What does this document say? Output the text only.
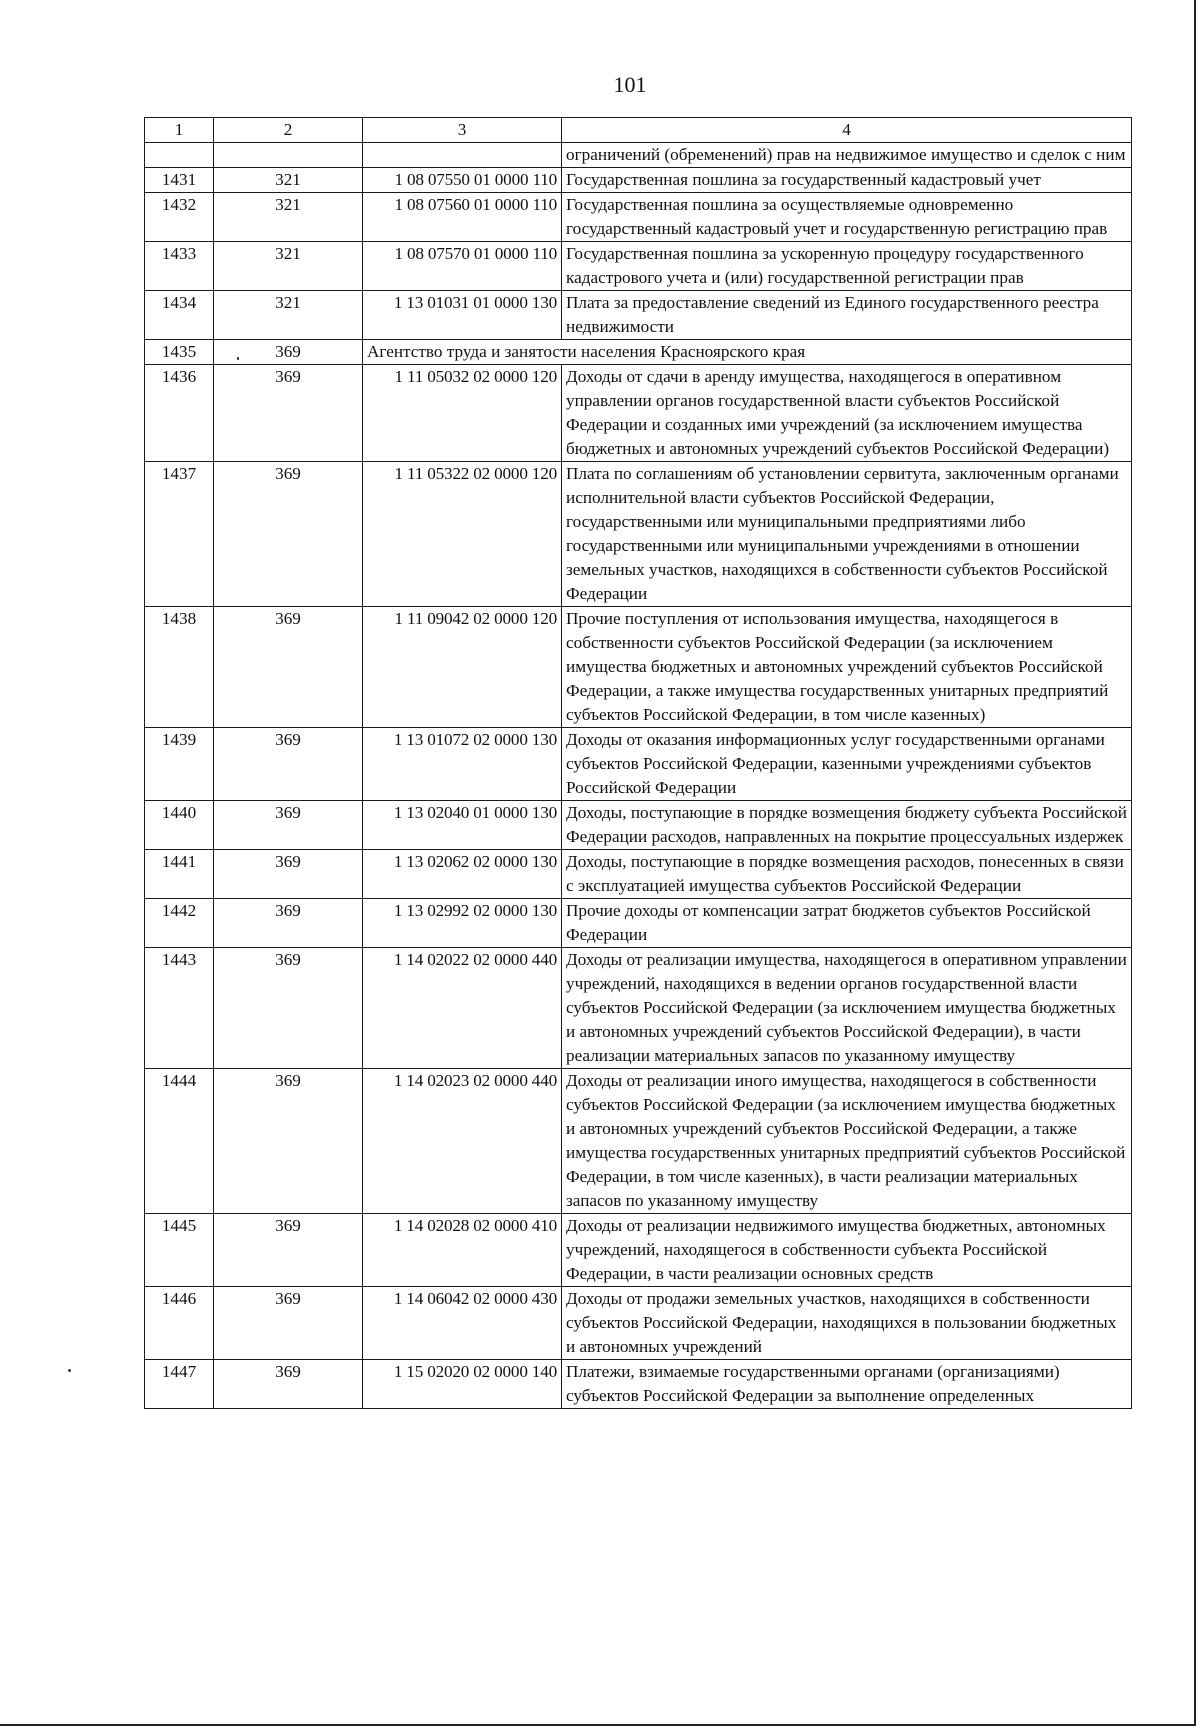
101
1	2	3	4
			ограничений (обременений) прав на недвижимое имущество и сделок с ним
1431	321	1 08 07550 01 0000 110	Государственная пошлина за государственный кадастровый учет
1432	321	1 08 07560 01 0000 110	Государственная пошлина за осуществляемые одновременно государственный кадастровый учет и государственную регистрацию прав
1433	321	1 08 07570 01 0000 110	Государственная пошлина за ускоренную процедуру государственного кадастрового учета и (или) государственной регистрации прав
1434	321	1 13 01031 01 0000 130	Плата за предоставление сведений из Единого государственного реестра недвижимости
1435	369	Агентство труда и занятости населения Красноярского края	
1436	369	1 11 05032 02 0000 120	Доходы от сдачи в аренду имущества, находящегося в оперативном управлении органов государственной власти субъектов Российской Федерации и созданных ими учреждений (за исключением имущества бюджетных и автономных учреждений субъектов Российской Федерации)
1437	369	1 11 05322 02 0000 120	Плата по соглашениям об установлении сервитута, заключенным органами исполнительной власти субъектов Российской Федерации, государственными или муниципальными предприятиями либо государственными или муниципальными учреждениями в отношении земельных участков, находящихся в собственности субъектов Российской Федерации
1438	369	1 11 09042 02 0000 120	Прочие поступления от использования имущества, находящегося в собственности субъектов Российской Федерации (за исключением имущества бюджетных и автономных учреждений субъектов Российской Федерации, а также имущества государственных унитарных предприятий субъектов Российской Федерации, в том числе казенных)
1439	369	1 13 01072 02 0000 130	Доходы от оказания информационных услуг государственными органами субъектов Российской Федерации, казенными учреждениями субъектов Российской Федерации
1440	369	1 13 02040 01 0000 130	Доходы, поступающие в порядке возмещения бюджету субъекта Российской Федерации расходов, направленных на покрытие процессуальных издержек
1441	369	1 13 02062 02 0000 130	Доходы, поступающие в порядке возмещения расходов, понесенных в связи с эксплуатацией имущества субъектов Российской Федерации
1442	369	1 13 02992 02 0000 130	Прочие доходы от компенсации затрат бюджетов субъектов Российской Федерации
1443	369	1 14 02022 02 0000 440	Доходы от реализации имущества, находящегося в оперативном управлении учреждений, находящихся в ведении органов государственной власти субъектов Российской Федерации (за исключением имущества бюджетных и автономных учреждений субъектов Российской Федерации), в части реализации материальных запасов по указанному имуществу
1444	369	1 14 02023 02 0000 440	Доходы от реализации иного имущества, находящегося в собственности субъектов Российской Федерации (за исключением имущества бюджетных и автономных учреждений субъектов Российской Федерации, а также имущества государственных унитарных предприятий субъектов Российской Федерации, в том числе казенных), в части реализации материальных запасов по указанному имуществу
1445	369	1 14 02028 02 0000 410	Доходы от реализации недвижимого имущества бюджетных, автономных учреждений, находящегося в собственности субъекта Российской Федерации, в части реализации основных средств
1446	369	1 14 06042 02 0000 430	Доходы от продажи земельных участков, находящихся в собственности субъектов Российской Федерации, находящихся в пользовании бюджетных и автономных учреждений
1447	369	1 15 02020 02 0000 140	Платежи, взимаемые государственными органами (организациями) субъектов Российской Федерации за выполнение определенных
